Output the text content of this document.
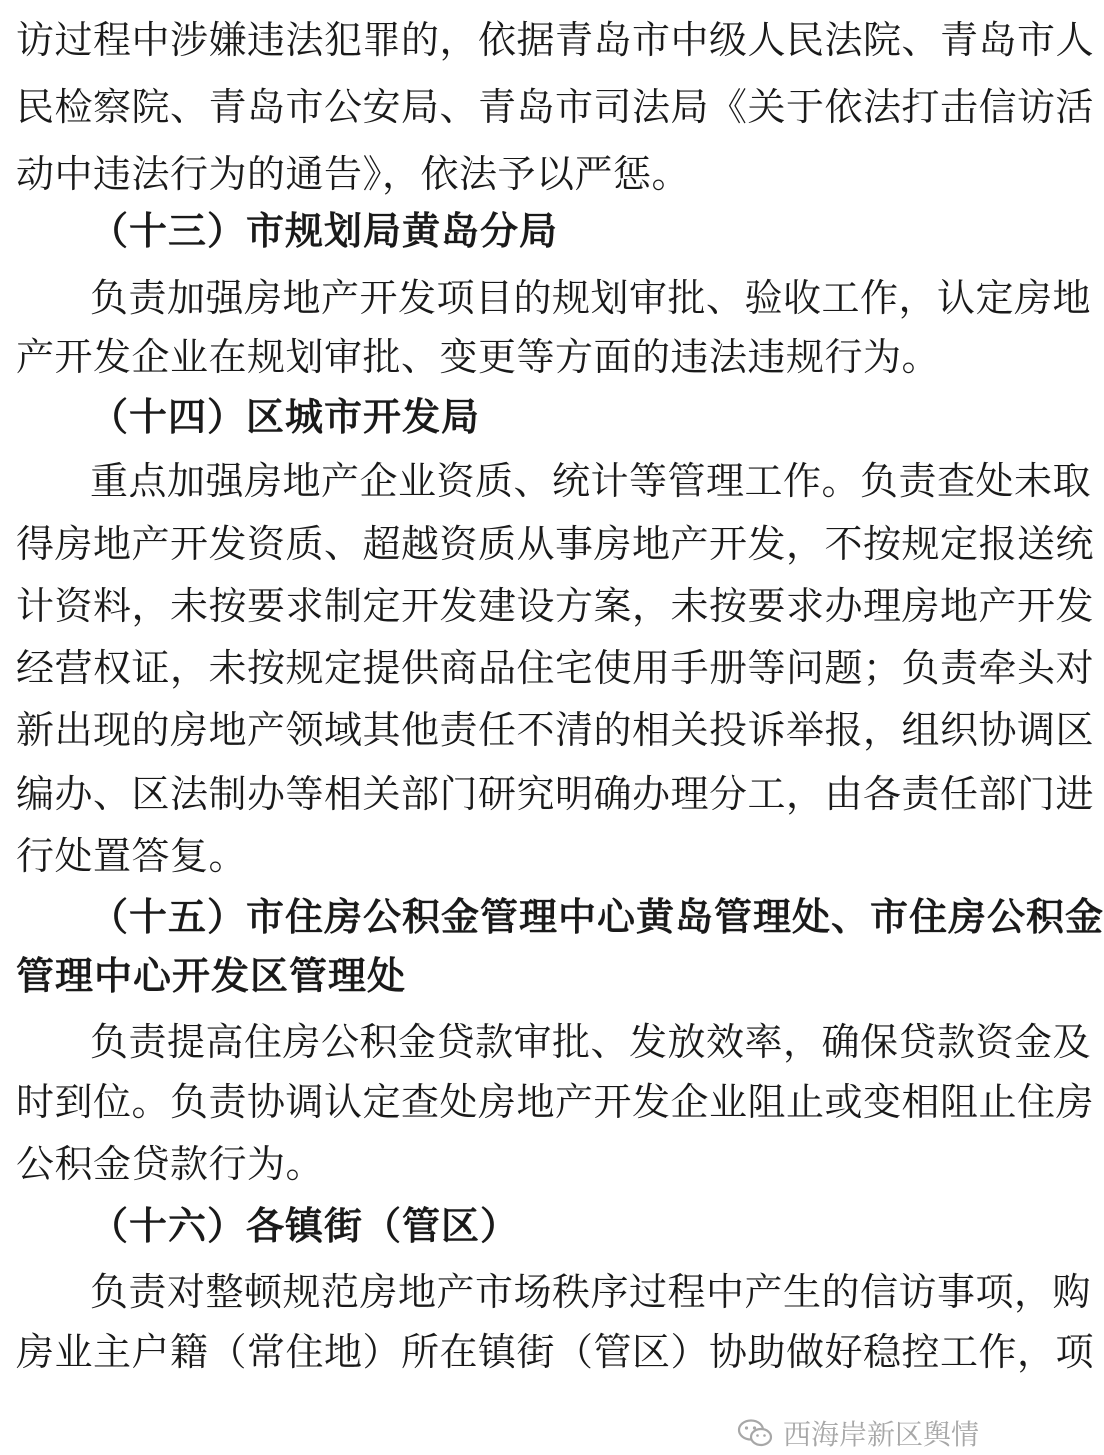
访过程中涉嫌违法犯罪的，依据青岛市中级人民法院、青岛市人
民检察院、青岛市公安局、青岛市司法局《关于依法打击信访活
动中违法行为的通告》，依法予以严惩。
（十三）市规划局黄岛分局
负责加强房地产开发项目的规划审批、验收工作，认定房地
产开发企业在规划审批、变更等方面的违法违规行为。
（十四）区城市开发局
重点加强房地产企业资质、统计等管理工作。负责查处未取
得房地产开发资质、超越资质从事房地产开发，不按规定报送统
计资料，未按要求制定开发建设方案，未按要求办理房地产开发
经营权证，未按规定提供商品住宅使用手册等问题；负责牵头对
新出现的房地产领域其他责任不清的相关投诉举报，组织协调区
编办、区法制办等相关部门研究明确办理分工，由各责任部门进
行处置答复。
（十五）市住房公积金管理中心黄岛管理处、市住房公积金
管理中心开发区管理处
负责提高住房公积金贷款审批、发放效率，确保贷款资金及
时到位。负责协调认定查处房地产开发企业阻止或变相阻止住房
公积金贷款行为。
（十六）各镇街（管区）
负责对整顿规范房地产市场秩序过程中产生的信访事项，购
房业主户籍（常住地）所在镇街（管区）协助做好稳控工作，项
西海岸新区舆情
